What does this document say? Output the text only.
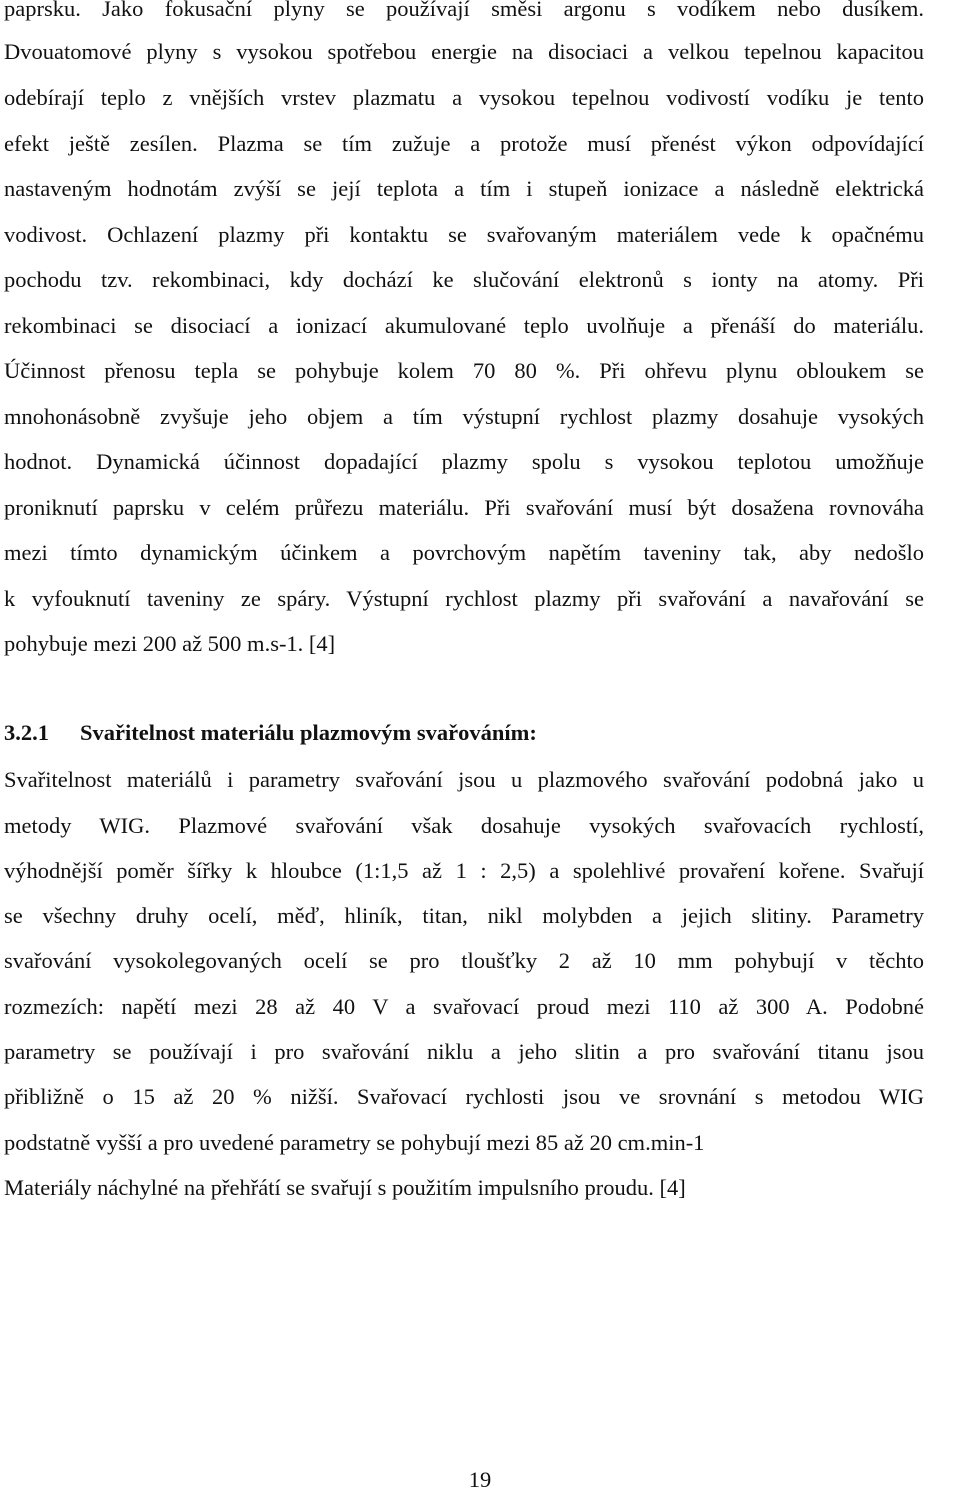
paprsku. Jako fokusační plyny se používají směsi argonu s vodíkem nebo dusíkem.
Dvouatomové plyny s vysokou spotřebou energie na disociaci a velkou tepelnou kapacitou
odebírají teplo z vnějších vrstev plazmatu a vysokou tepelnou vodivostí vodíku je tento
efekt ještě zesílen. Plazma se tím zužuje a protože musí přenést výkon odpovídající
nastaveným hodnotám zvýší se její teplota a tím i stupeň ionizace a následně elektrická
vodivost. Ochlazení plazmy při kontaktu se svařovaným materiálem vede k opačnému
pochodu tzv. rekombinaci, kdy dochází ke slučování elektronů s ionty na atomy. Při
rekombinaci se disociací a ionizací akumulované teplo uvolňuje a přenáší do materiálu.
Účinnost přenosu tepla se pohybuje kolem 70 80 %. Při ohřevu plynu obloukem se
mnohonásobně zvyšuje jeho objem a tím výstupní rychlost plazmy dosahuje vysokých
hodnot. Dynamická účinnost dopadající plazmy spolu s vysokou teplotou umožňuje
proniknutí paprsku v celém průřezu materiálu. Při svařování musí být dosažena rovnováha
mezi tímto dynamickým účinkem a povrchovým napětím taveniny tak, aby nedošlo
k vyfouknutí taveniny ze spáry. Výstupní rychlost plazmy při svařování a navařování se
pohybuje mezi 200 až 500 m.s-1. [4]
3.2.1 Svařitelnost materiálu plazmovým svařováním:
Svařitelnost materiálů i parametry svařování jsou u plazmového svařování podobná jako u
metody WIG. Plazmové svařování však dosahuje vysokých svařovacích rychlostí,
výhodnější poměr šířky k hloubce (1:1,5 až 1 : 2,5) a spolehlivé provaření kořene. Svařují
se všechny druhy ocelí, měď, hliník, titan, nikl molybden a jejich slitiny. Parametry
svařování vysokolegovaných ocelí se pro tloušťky 2 až 10 mm pohybují v těchto
rozmezích: napětí mezi 28 až 40 V a svařovací proud mezi 110 až 300 A. Podobné
parametry se používají i pro svařování niklu a jeho slitin a pro svařování titanu jsou
přibližně o 15 až 20 % nižší. Svařovací rychlosti jsou ve srovnání s metodou WIG
podstatně vyšší a pro uvedené parametry se pohybují mezi 85 až 20 cm.min-1
Materiály náchylné na přehřátí se svařují s použitím impulsního proudu. [4]
19
